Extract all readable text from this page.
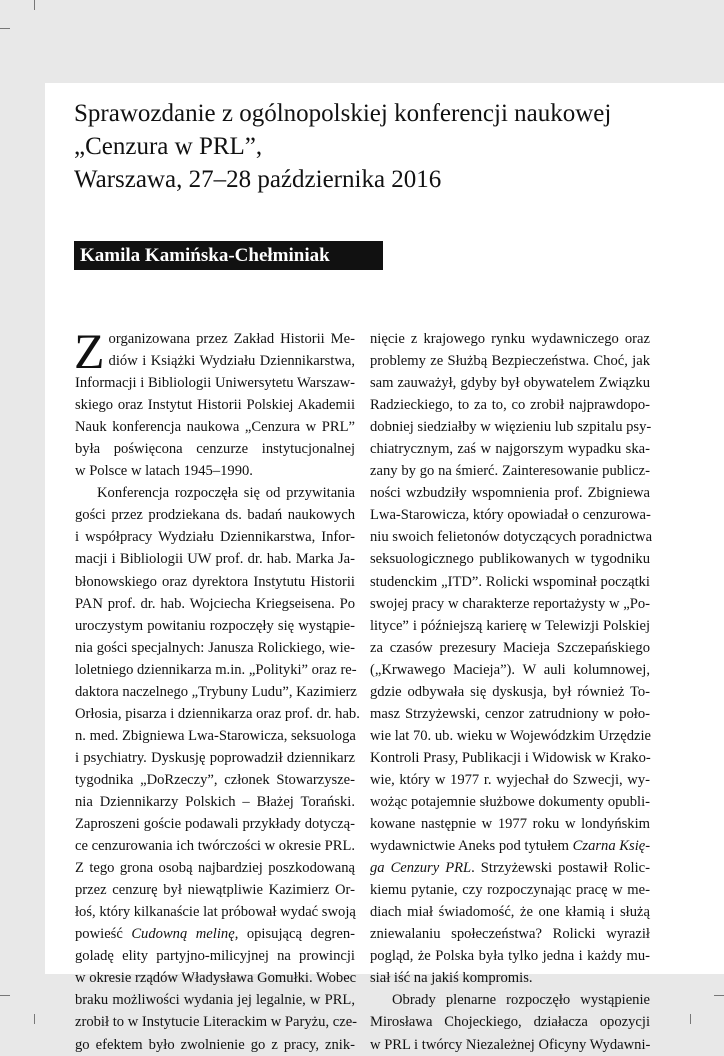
Sprawozdanie z ogólnopolskiej konferencji naukowej
„Cenzura w PRL”,
Warszawa, 27–28 października 2016
Kamila Kamińska-Chełminiak
Z organizowana przez Zakład Historii Me-
diów i Książki Wydziału Dziennikarstwa,
Informacji i Bibliologii Uniwersytetu Warszaw-
skiego oraz Instytut Historii Polskiej Akademii
Nauk konferencja naukowa „Cenzura w PRL”
była poświęcona cenzurze instytucjonalnej
w Polsce w latach 1945–1990.
Konferencja rozpoczęła się od przywitania
gości przez prodziekana ds. badań naukowych
i współpracy Wydziału Dziennikarstwa, Infor-
macji i Bibliologii UW prof. dr. hab. Marka Ja-
błonowskiego oraz dyrektora Instytutu Historii
PAN prof. dr. hab. Wojciecha Kriegseisena. Po
uroczystym powitaniu rozpoczęły się wystąpie-
nia gości specjalnych: Janusza Rolickiego, wie-
loletniego dziennikarza m.in. „Polityki” oraz re-
daktora naczelnego „Trybuny Ludu”, Kazimierz
Orłosia, pisarza i dziennikarza oraz prof. dr. hab.
n. med. Zbigniewa Lwa-Starowicza, seksuologa
i psychiatry. Dyskusję poprowadził dziennikarz
tygodnika „DoRzeczy”, członek Stowarzysze-
nia Dziennikarzy Polskich – Błażej Torański.
Zaproszeni goście podawali przykłady dotyczą-
ce cenzurowania ich twórczości w okresie PRL.
Z tego grona osobą najbardziej poszkodowaną
przez cenzurę był niewątpliwie Kazimierz Or-
łoś, który kilkanaście lat próbował wydać swoją
powieść Cudowną melinę, opisującą degren-
goladę elity partyjno-milicyjnej na prowincji
w okresie rządów Władysława Gomułki. Wobec
braku możliwości wydania jej legalnie, w PRL,
zrobił to w Instytucie Literackim w Paryżu, cze-
go efektem było zwolnienie go z pracy, znik-
nięcie z krajowego rynku wydawniczego oraz
problemy ze Służbą Bezpieczeństwa. Choć, jak
sam zauważył, gdyby był obywatelem Związku
Radzieckiego, to za to, co zrobił najprawdopo-
dobniej siedziałby w więzieniu lub szpitalu psy-
chiatrycznym, zaś w najgorszym wypadku ska-
zany by go na śmierć. Zainteresowanie publicz-
ności wzbudziły wspomnienia prof. Zbigniewa
Lwa-Starowicza, który opowiadał o cenzurowa-
niu swoich felietonów dotyczących poradnictwa
seksuologicznego publikowanych w tygodniku
studenckim „ITD”. Rolicki wspominał początki
swojej pracy w charakterze reportażysty w „Po-
lityce” i późniejszą karierę w Telewizji Polskiej
za czasów prezesury Macieja Szczepańskiego
(„Krwawego Macieja”). W auli kolumnowej,
gdzie odbywała się dyskusja, był również To-
masz Strzyżewski, cenzor zatrudniony w poło-
wie lat 70. ub. wieku w Wojewódzkim Urzędzie
Kontroli Prasy, Publikacji i Widowisk w Krako-
wie, który w 1977 r. wyjechał do Szwecji, wy-
wożąc potajemnie służbowe dokumenty opubli-
kowane następnie w 1977 roku w londyńskim
wydawnictwie Aneks pod tytułem Czarna Księ-
ga Cenzury PRL. Strzyżewski postawił Rolic-
kiemu pytanie, czy rozpoczynając pracę w me-
diach miał świadomość, że one kłamią i służą
zniewalaniu społeczeństwa? Rolicki wyraził
pogląd, że Polska była tylko jedna i każdy mu-
siał iść na jakiś kompromis.
Obrady plenarne rozpoczęło wystąpienie
Mirosława Chojeckiego, działacza opozycji
w PRL i twórcy Niezależnej Oficyny Wydawni-
